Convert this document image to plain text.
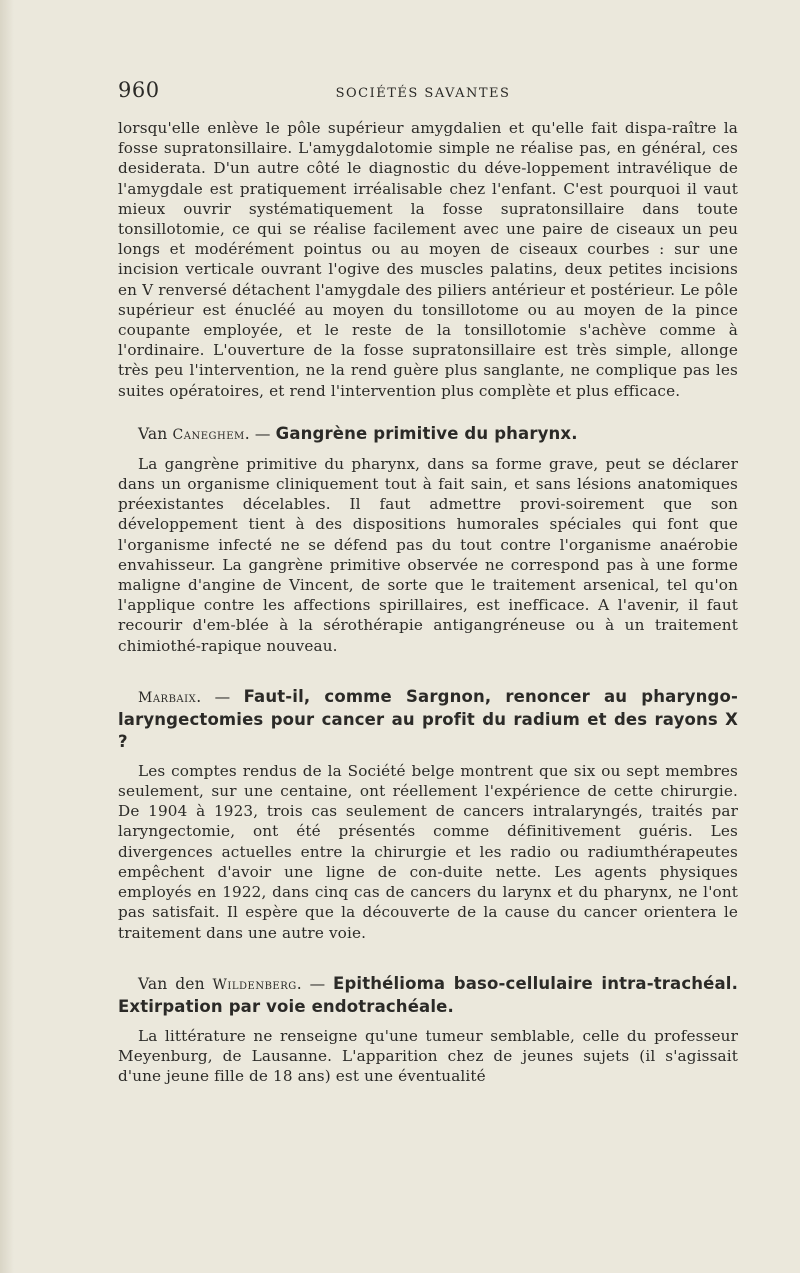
960	SOCIÉTÉS SAVANTES

lorsqu'elle enlève le pôle supérieur amygdalien et qu'elle fait dispa-raître la fosse supratonsillaire. L'amygdalotomie simple ne réalise pas, en général, ces desiderata. D'un autre côté le diagnostic du déve-loppement intravélique de l'amygdale est pratiquement irréalisable chez l'enfant. C'est pourquoi il vaut mieux ouvrir systématiquement la fosse supratonsillaire dans toute tonsillotomie, ce qui se réalise facilement avec une paire de ciseaux un peu longs et modérément pointus ou au moyen de ciseaux courbes : sur une incision verticale ouvrant l'ogive des muscles palatins, deux petites incisions en V renversé détachent l'amygdale des piliers antérieur et postérieur. Le pôle supérieur est énucléé au moyen du tonsillotome ou au moyen de la pince coupante employée, et le reste de la tonsillotomie s'achève comme à l'ordinaire. L'ouverture de la fosse supratonsillaire est très simple, allonge très peu l'intervention, ne la rend guère plus sanglante, ne complique pas les suites opératoires, et rend l'intervention plus complète et plus efficace.

Van Caneghem. — Gangrène primitive du pharynx.

La gangrène primitive du pharynx, dans sa forme grave, peut se déclarer dans un organisme cliniquement tout à fait sain, et sans lésions anatomiques préexistantes décelables. Il faut admettre provi-soirement que son développement tient à des dispositions humorales spéciales qui font que l'organisme infecté ne se défend pas du tout contre l'organisme anaérobie envahisseur. La gangrène primitive observée ne correspond pas à une forme maligne d'angine de Vincent, de sorte que le traitement arsenical, tel qu'on l'applique contre les affections spirillaires, est inefficace. A l'avenir, il faut recourir d'em-blée à la sérothérapie antigangréneuse ou à un traitement chimiothé-rapique nouveau.

Marbaix. — Faut-il, comme Sargnon, renoncer au pharyngo-laryngectomies pour cancer au profit du radium et des rayons X ?

Les comptes rendus de la Société belge montrent que six ou sept membres seulement, sur une centaine, ont réellement l'expérience de cette chirurgie. De 1904 à 1923, trois cas seulement de cancers intralaryngés, traités par laryngectomie, ont été présentés comme définitivement guéris. Les divergences actuelles entre la chirurgie et les radio ou radiumthérapeutes empêchent d'avoir une ligne de con-duite nette. Les agents physiques employés en 1922, dans cinq cas de cancers du larynx et du pharynx, ne l'ont pas satisfait. Il espère que la découverte de la cause du cancer orientera le traitement dans une autre voie.

Van den Wildenberg. — Epithélioma baso-cellulaire intra-trachéal. Extirpation par voie endotrachéale.

La littérature ne renseigne qu'une tumeur semblable, celle du professeur Meyenburg, de Lausanne. L'apparition chez de jeunes sujets (il s'agissait d'une jeune fille de 18 ans) est une éventualité
